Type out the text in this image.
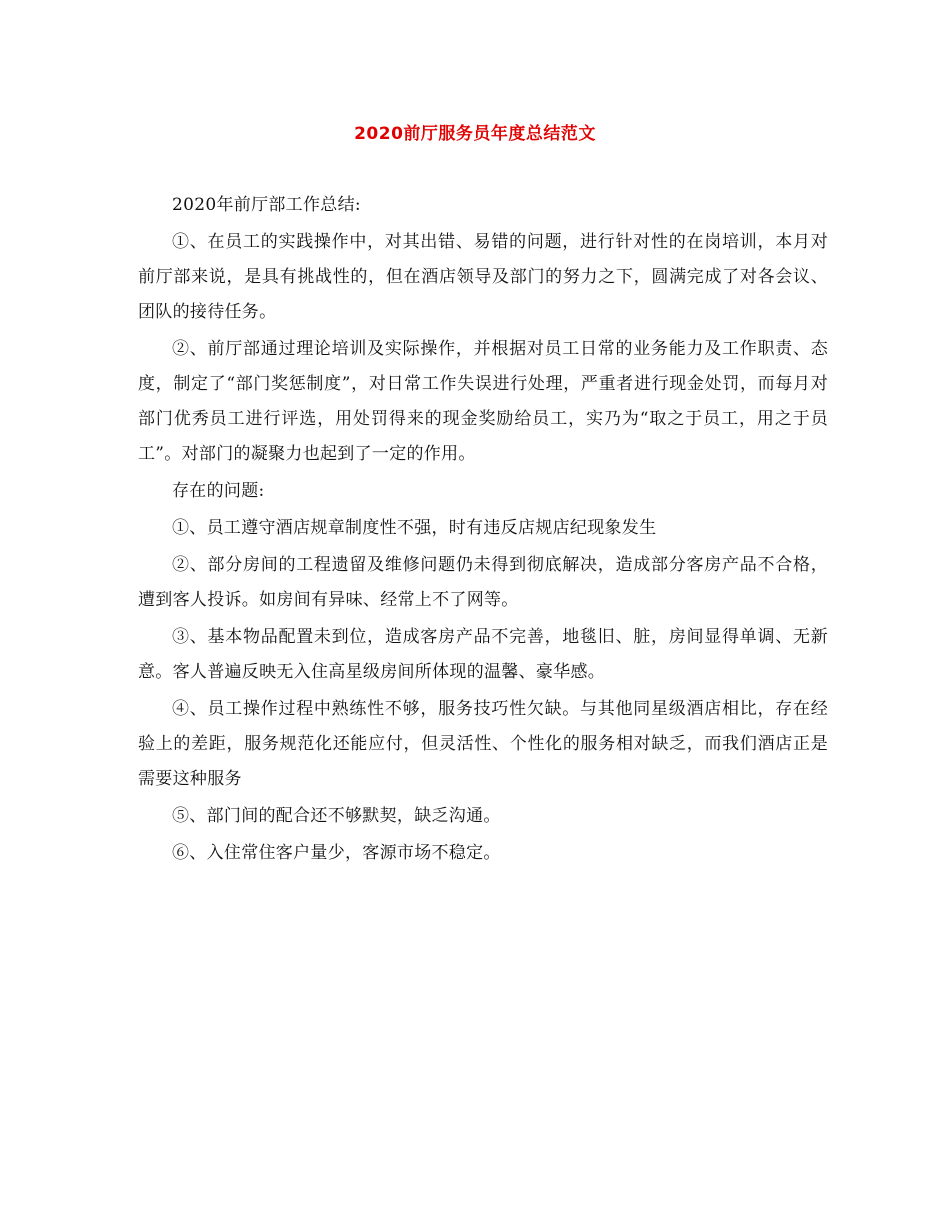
2020前厅服务员年度总结范文

2020年前厅部工作总结:

①、在员工的实践操作中，对其出错、易错的问题，进行针对性的在岗培训，本月对前厅部来说，是具有挑战性的，但在酒店领导及部门的努力之下，圆满完成了对各会议、团队的接待任务。

②、前厅部通过理论培训及实际操作，并根据对员工日常的业务能力及工作职责、态度，制定了“部门奖惩制度”，对日常工作失误进行处理，严重者进行现金处罚，而每月对部门优秀员工进行评选，用处罚得来的现金奖励给员工，实乃为“取之于员工，用之于员工”。对部门的凝聚力也起到了一定的作用。

存在的问题:

①、员工遵守酒店规章制度性不强，时有违反店规店纪现象发生

②、部分房间的工程遗留及维修问题仍未得到彻底解决，造成部分客房产品不合格，遭到客人投诉。如房间有异味、经常上不了网等。

③、基本物品配置未到位，造成客房产品不完善，地毯旧、脏，房间显得单调、无新意。客人普遍反映无入住高星级房间所体现的温馨、豪华感。

④、员工操作过程中熟练性不够，服务技巧性欠缺。与其他同星级酒店相比，存在经验上的差距，服务规范化还能应付，但灵活性、个性化的服务相对缺乏，而我们酒店正是需要这种服务

⑤、部门间的配合还不够默契，缺乏沟通。

⑥、入住常住客户量少，客源市场不稳定。
